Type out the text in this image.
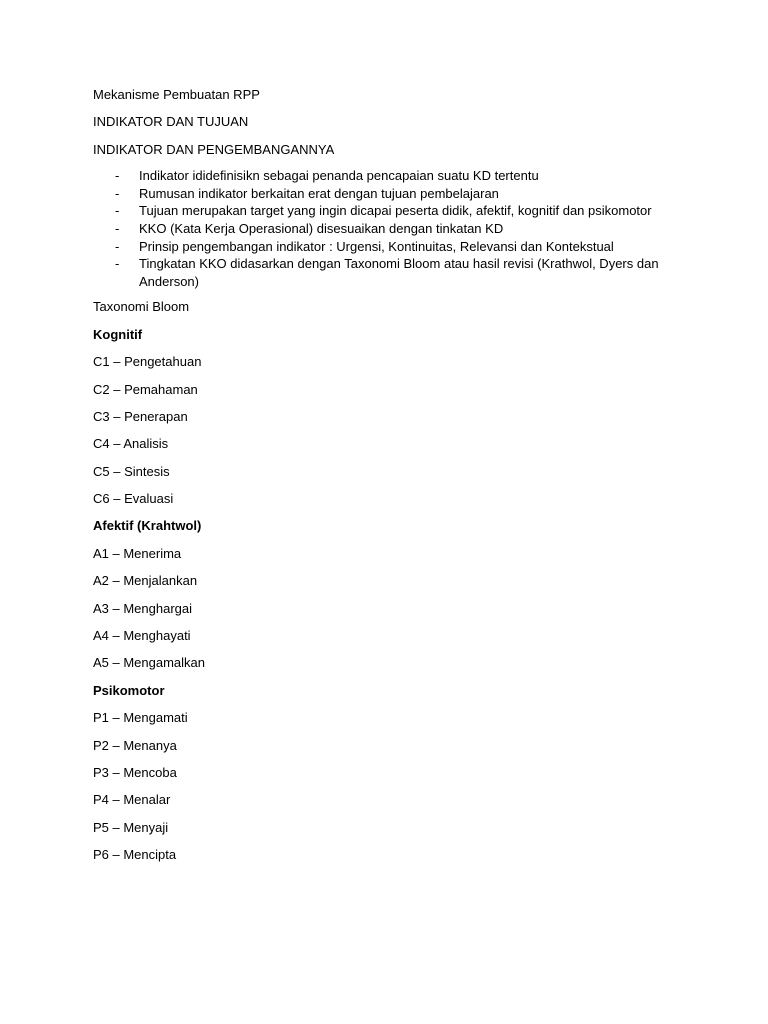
Mekanisme Pembuatan RPP

INDIKATOR DAN TUJUAN

INDIKATOR DAN PENGEMBANGANNYA

- Indikator ididefinisikn sebagai penanda pencapaian suatu KD tertentu
- Rumusan indikator berkaitan erat dengan tujuan pembelajaran
- Tujuan merupakan target yang ingin dicapai peserta didik, afektif, kognitif dan psikomotor
- KKO (Kata Kerja Operasional) disesuaikan dengan tinkatan KD
- Prinsip pengembangan indikator : Urgensi, Kontinuitas, Relevansi dan Kontekstual
- Tingkatan KKO didasarkan dengan Taxonomi Bloom atau hasil revisi (Krathwol, Dyers dan Anderson)

Taxonomi Bloom

Kognitif

C1 – Pengetahuan

C2 – Pemahaman

C3 – Penerapan

C4 – Analisis

C5 – Sintesis

C6 – Evaluasi

Afektif (Krahtwol)

A1 – Menerima

A2 – Menjalankan

A3 – Menghargai

A4 – Menghayati

A5 – Mengamalkan

Psikomotor

P1 – Mengamati

P2 – Menanya

P3 – Mencoba

P4 – Menalar

P5 – Menyaji

P6 – Mencipta
